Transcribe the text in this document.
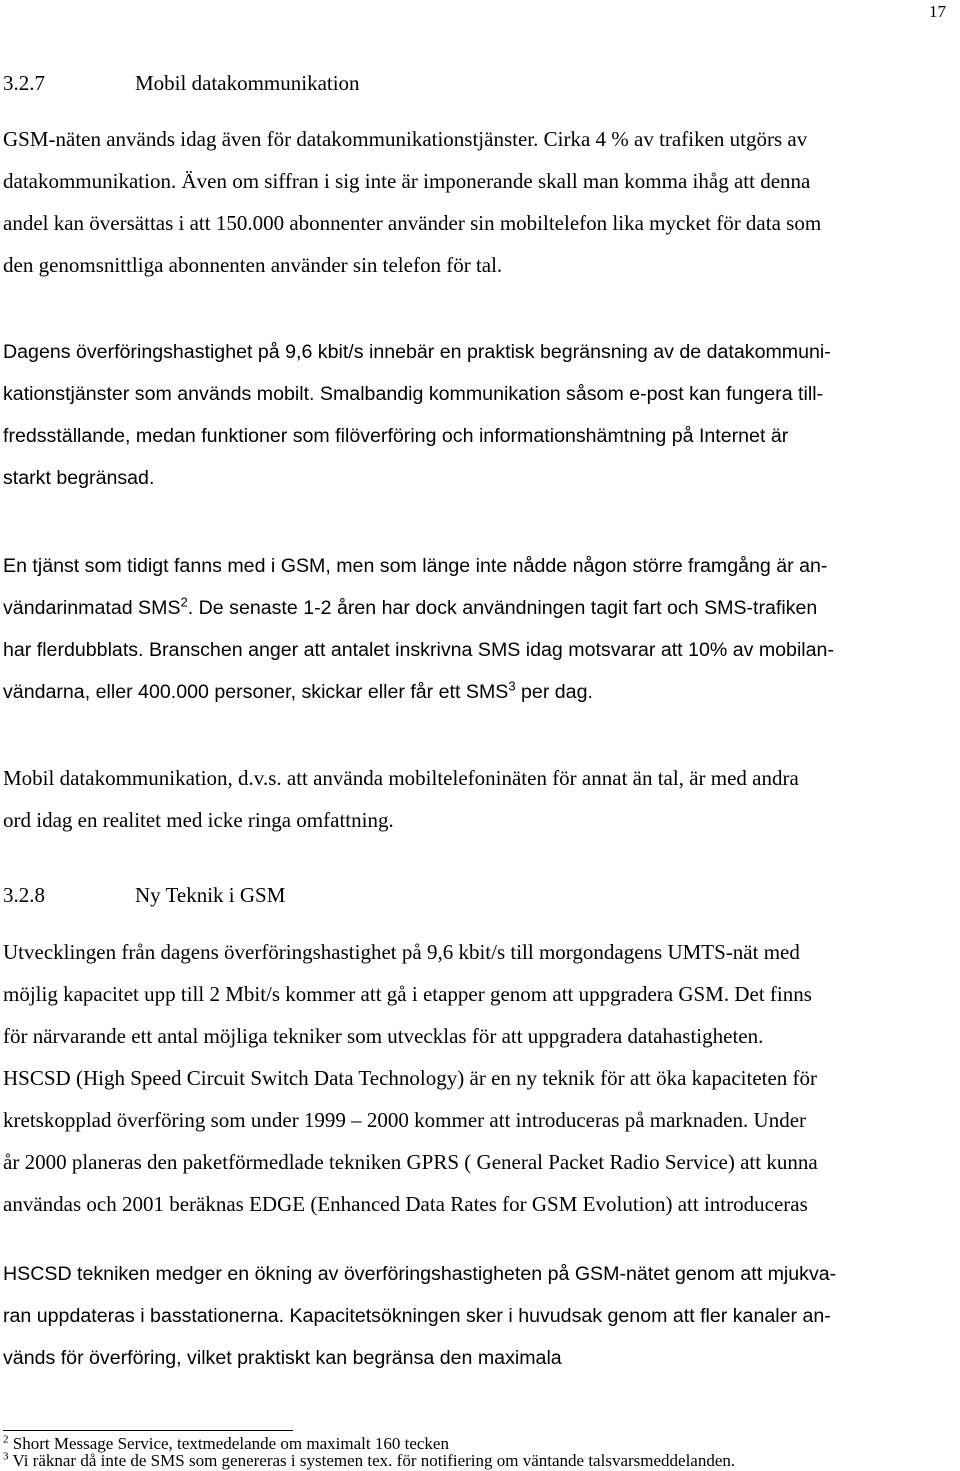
17
3.2.7	Mobil datakommunikation
GSM-näten används idag även för datakommunikationstjänster. Cirka 4 % av trafiken utgörs av
datakommunikation. Även om siffran i sig inte är imponerande skall man komma ihåg att denna
andel kan översättas i att 150.000 abonnenter använder sin mobiltelefon lika mycket för data som
den genomsnittliga abonnenten använder sin telefon för tal.
Dagens överföringshastighet på 9,6 kbit/s innebär en praktisk begränsning av de datakommuni-
kationstjänster som används mobilt. Smalbandig kommunikation såsom e-post kan fungera till-
fredsställande, medan funktioner som filöverföring och informationshämtning på Internet är
starkt begränsad.
En tjänst som tidigt fanns med i GSM, men som länge inte nådde någon större framgång är an-
vändarinmatad SMS$^2$. De senaste 1-2 åren har dock användningen tagit fart och SMS-trafiken
har flerdubblats. Branschen anger att antalet inskrivna SMS idag motsvarar att 10% av mobilan-
vändarna, eller 400.000 personer, skickar eller får ett SMS$^3$ per dag.
Mobil datakommunikation, d.v.s. att använda mobiltelefoninäten för annat än tal, är med andra
ord idag en realitet med icke ringa omfattning.
3.2.8	Ny Teknik i GSM
Utvecklingen från dagens överföringshastighet på 9,6 kbit/s till morgondagens UMTS-nät med
möjlig kapacitet upp till 2 Mbit/s kommer att gå i etapper genom att uppgradera GSM. Det finns
för närvarande ett antal möjliga tekniker som utvecklas för att uppgradera datahastigheten.
HSCSD (High Speed Circuit Switch Data Technology) är en ny teknik för att öka kapaciteten för
kretskopplad överföring som under 1999 – 2000 kommer att introduceras på marknaden. Under
år 2000 planeras den paketförmedlade tekniken GPRS ( General Packet Radio Service) att kunna
användas och 2001 beräknas EDGE (Enhanced Data Rates for GSM Evolution) att introduceras
HSCSD tekniken medger en ökning av överföringshastigheten på GSM-nätet genom att mjukva-
ran uppdateras i basstationerna. Kapacitetsökningen sker i huvudsak genom att fler kanaler an-
vänds för överföring, vilket praktiskt kan begränsa den maximala
$^2$ Short Message Service, textmedelande om maximalt 160 tecken
$^3$ Vi räknar då inte de SMS som genereras i systemen tex. för notifiering om väntande talsvarsmeddelanden.
